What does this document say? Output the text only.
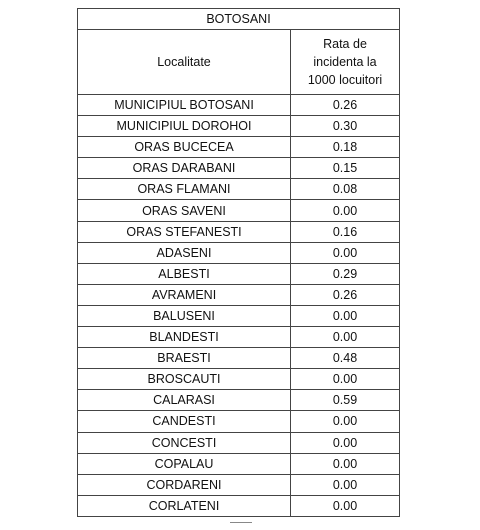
BOTOSANI	
Localitate	Rata de
incidenta la
1000 locuitori

MUNICIPIUL BOTOSANI	0.26
MUNICIPIUL DOROHOI	0.30
ORAS BUCECEA	0.18
ORAS DARABANI	0.15
ORAS FLAMANI	0.08
ORAS SAVENI	0.00
ORAS STEFANESTI	0.16
ADASENI	0.00
ALBESTI	0.29
AVRAMENI	0.26
BALUSENI	0.00
BLANDESTI	0.00
BRAESTI	0.48
BROSCAUTI	0.00
CALARASI	0.59
CANDESTI	0.00
CONCESTI	0.00
COPALAU	0.00
CORDARENI	0.00
CORLATENI	0.00
